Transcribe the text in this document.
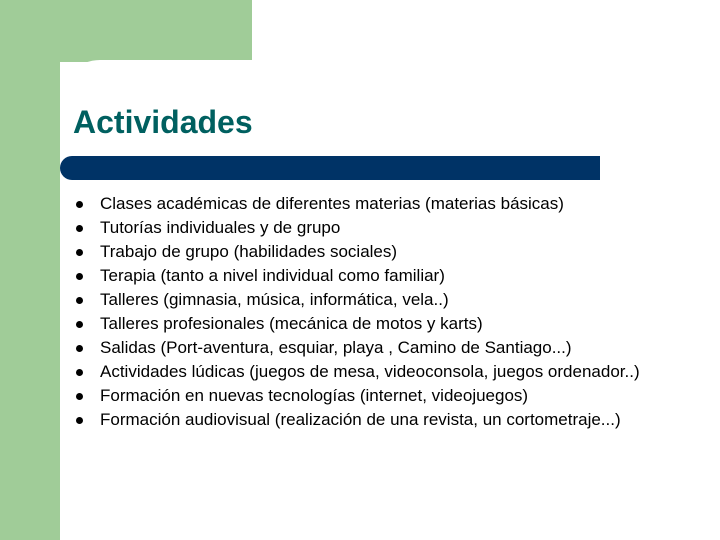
Actividades
Clases académicas de diferentes materias (materias básicas)
Tutorías individuales y de grupo
Trabajo de grupo (habilidades sociales)
Terapia (tanto a nivel individual como familiar)
Talleres (gimnasia, música, informática, vela..)
Talleres profesionales (mecánica de motos y karts)
Salidas (Port-aventura, esquiar, playa , Camino de Santiago...)
Actividades lúdicas (juegos de mesa, videoconsola, juegos ordenador..)
Formación en nuevas tecnologías (internet, videojuegos)
Formación audiovisual (realización de una revista, un cortometraje...)
